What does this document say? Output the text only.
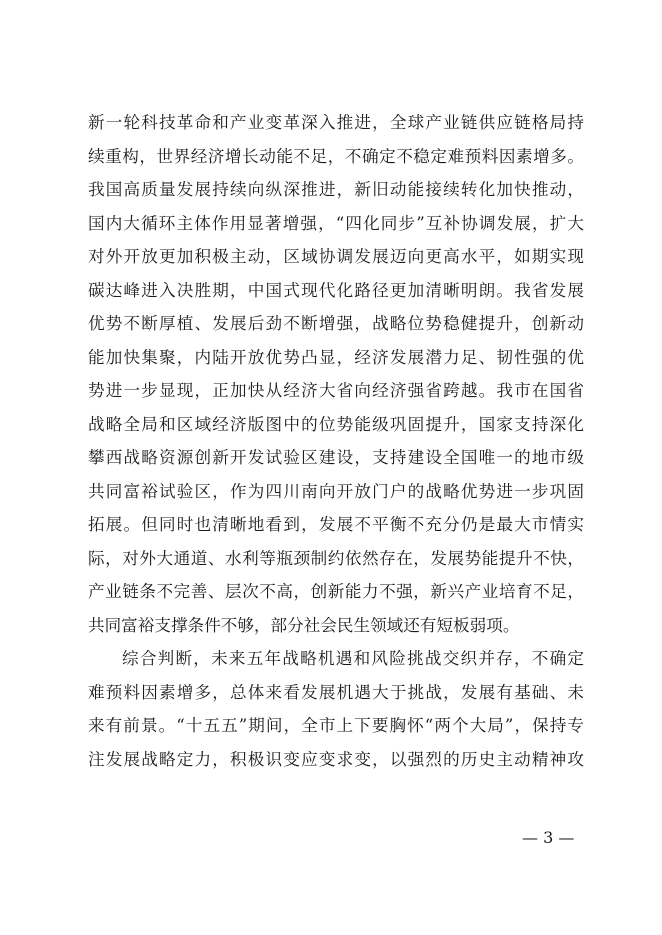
新一轮科技革命和产业变革深入推进，全球产业链供应链格局持
续重构，世界经济增长动能不足，不确定不稳定难预料因素增多。
我国高质量发展持续向纵深推进，新旧动能接续转化加快推动，
国内大循环主体作用显著增强，“四化同步”互补协调发展，扩大
对外开放更加积极主动，区域协调发展迈向更高水平，如期实现
碳达峰进入决胜期，中国式现代化路径更加清晰明朗。我省发展
优势不断厚植、发展后劲不断增强，战略位势稳健提升，创新动
能加快集聚，内陆开放优势凸显，经济发展潜力足、韧性强的优
势进一步显现，正加快从经济大省向经济强省跨越。我市在国省
战略全局和区域经济版图中的位势能级巩固提升，国家支持深化
攀西战略资源创新开发试验区建设，支持建设全国唯一的地市级
共同富裕试验区，作为四川南向开放门户的战略优势进一步巩固
拓展。但同时也清晰地看到，发展不平衡不充分仍是最大市情实
际，对外大通道、水利等瓶颈制约依然存在，发展势能提升不快，
产业链条不完善、层次不高，创新能力不强，新兴产业培育不足，
共同富裕支撑条件不够，部分社会民生领域还有短板弱项。
综合判断，未来五年战略机遇和风险挑战交织并存，不确定
难预料因素增多，总体来看发展机遇大于挑战，发展有基础、未
来有前景。“十五五”期间，全市上下要胸怀“两个大局”，保持专
注发展战略定力，积极识变应变求变，以强烈的历史主动精神攻
— 3 —
